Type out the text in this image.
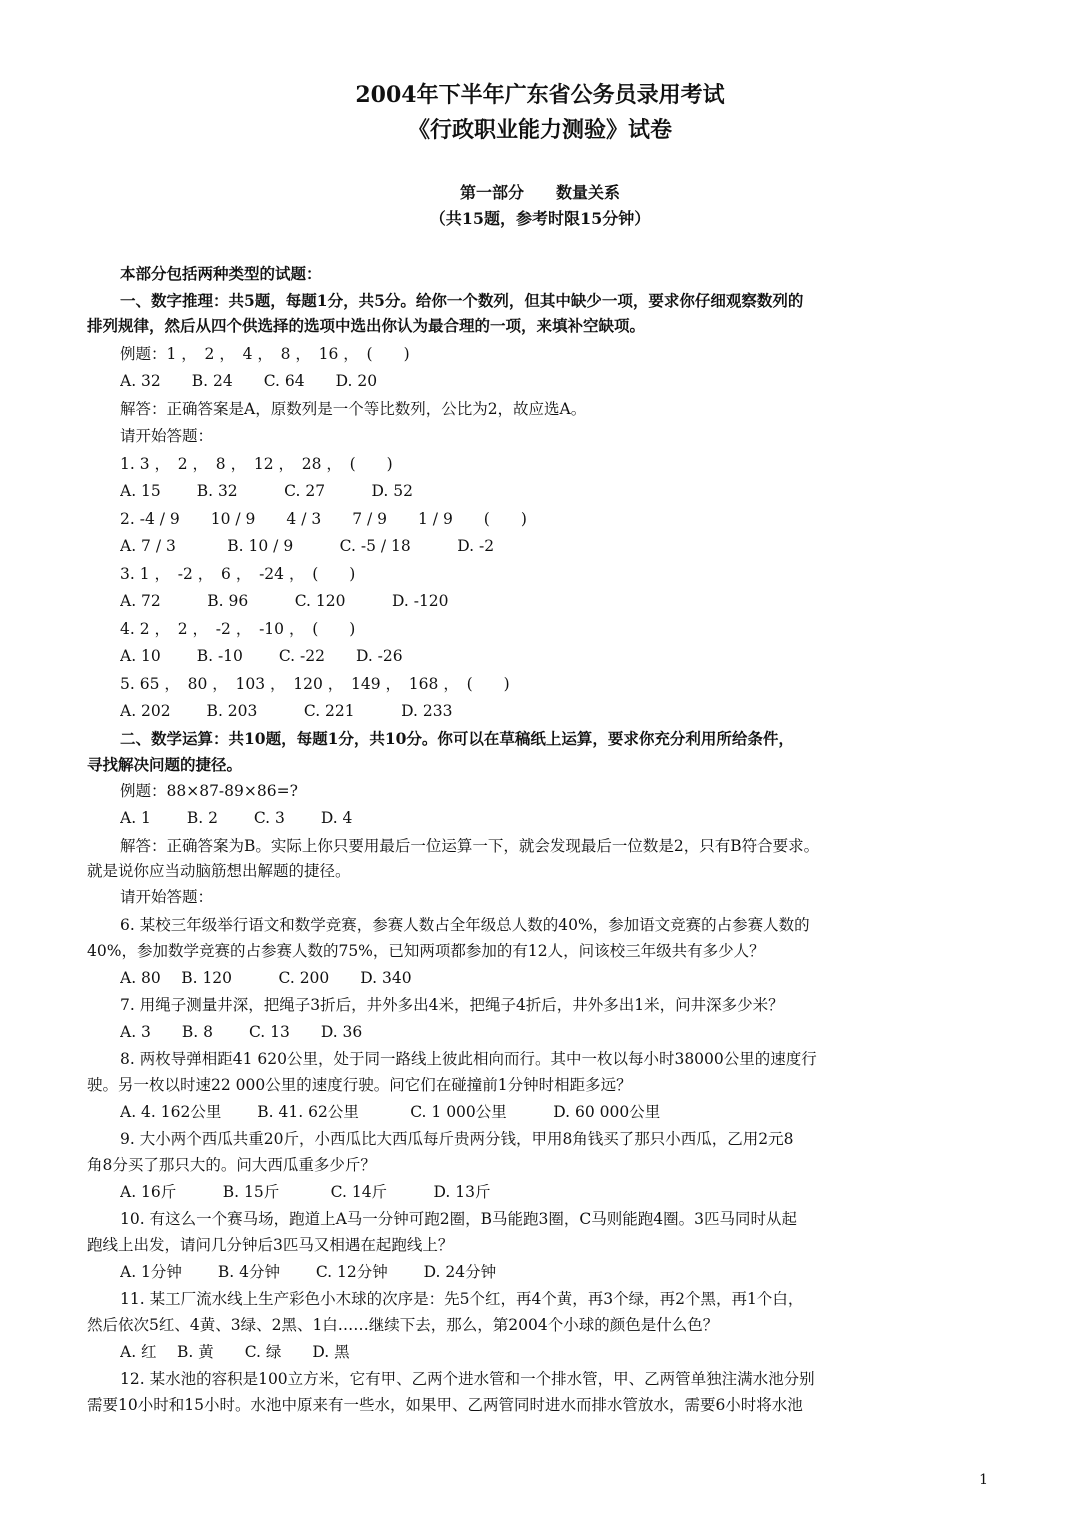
2004年下半年广东省公务员录用考试
《行政职业能力测验》试卷
第一部分　　数量关系
（共15题，参考时限15分钟）
本部分包括两种类型的试题：
一、数字推理：共5题，每题1分，共5分。给你一个数列，但其中缺少一项，要求你仔细观察数列的
排列规律，然后从四个供选择的选项中选出你认为最合理的一项，来填补空缺项。
例题：1 ，　2 ，　4 ，　8 ，　16 ，　(　　)
A. 32　　B. 24　　C. 64　　D. 20
解答：正确答案是A，原数列是一个等比数列，公比为2，故应选A。
请开始答题：
1. 3 ，　2 ，　8 ，　12 ，　28 ，　(　　)
A. 15　　 B. 32　　　C. 27　　　D. 52
2. -4 / 9　　10 / 9　　4 / 3　　7 / 9　　1 / 9　　(　　)
A. 7 / 3　　　 B. 10 / 9　　　C. -5 / 18　　　D. -2
3. 1 ，　-2 ，　6 ，　-24 ，　(　　)
A. 72　　　B. 96　　　C. 120　　　D. -120
4. 2 ，　2 ，　-2 ，　-10 ，　(　　)
A. 10　　 B. -10　　 C. -22　　D. -26
5. 65 ，　80 ，　103 ，　120 ，　149 ，　168 ，　(　　)
A. 202　　 B. 203　　　C. 221　　　D. 233
二、数学运算：共10题，每题1分，共10分。你可以在草稿纸上运算，要求你充分利用所给条件，
寻找解决问题的捷径。
例题：88×87-89×86=?
A. 1　　 B. 2　　 C. 3　　 D. 4
解答：正确答案为B。实际上你只要用最后一位运算一下，就会发现最后一位数是2，只有B符合要求。
就是说你应当动脑筋想出解题的捷径。
请开始答题：
6. 某校三年级举行语文和数学竞赛，参赛人数占全年级总人数的40%，参加语文竞赛的占参赛人数的
40%，参加数学竞赛的占参赛人数的75%，已知两项都参加的有12人，问该校三年级共有多少人？
A. 80　 B. 120　　　C. 200　　D. 340
7. 用绳子测量井深，把绳子3折后，井外多出4米，把绳子4折后，井外多出1米，问井深多少米？
A. 3　　B. 8　　 C. 13　　D. 36
8. 两枚导弹相距41 620公里，处于同一路线上彼此相向而行。其中一枚以每小时38000公里的速度行
驶。另一枚以时速22 000公里的速度行驶。问它们在碰撞前1分钟时相距多远？
A. 4. 162公里　　 B. 41. 62公里　　　 C. 1 000公里　　　D. 60 000公里
9. 大小两个西瓜共重20斤，小西瓜比大西瓜每斤贵两分钱，甲用8角钱买了那只小西瓜，乙用2元8
角8分买了那只大的。问大西瓜重多少斤？
A. 16斤　　　B. 15斤　　　 C. 14斤　　　D. 13斤
10. 有这么一个赛马场，跑道上A马一分钟可跑2圈，B马能跑3圈，C马则能跑4圈。3匹马同时从起
跑线上出发，请问几分钟后3匹马又相遇在起跑线上？
A. 1分钟　　 B. 4分钟　　 C. 12分钟　　 D. 24分钟
11. 某工厂流水线上生产彩色小木球的次序是：先5个红，再4个黄，再3个绿，再2个黑，再1个白，
然后依次5红、4黄、3绿、2黑、1白……继续下去，那么，第2004个小球的颜色是什么色？
A. 红　 B. 黄　　C. 绿　　D. 黑
12. 某水池的容积是100立方米，它有甲、乙两个进水管和一个排水管，甲、乙两管单独注满水池分别
需要10小时和15小时。水池中原来有一些水，如果甲、乙两管同时进水而排水管放水，需要6小时将水池
1
